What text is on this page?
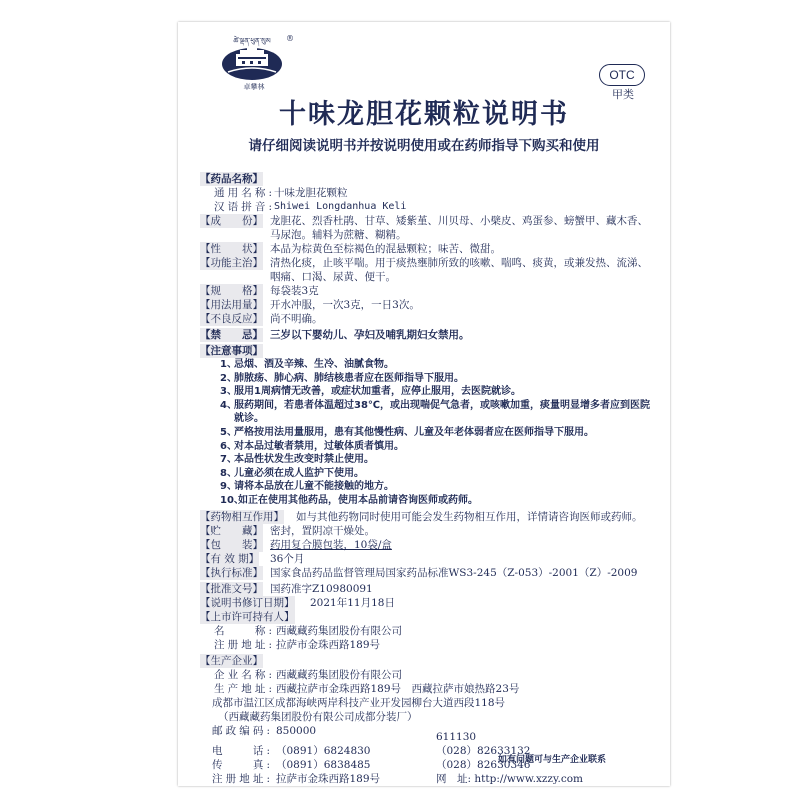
ཚེ་ལྡན་ཕུན་སུམ
卓攀林
®
OTC
甲类
十味龙胆花颗粒说明书
请仔细阅读说明书并按说明使用或在药师指导下购买和使用
【药品名称】
通用名称: 十味龙胆花颗粒
汉语拼音: Shiwei Longdanhua Keli
【成　　份】 龙胆花、烈香杜鹃、甘草、矮紫堇、川贝母、小檗皮、鸡蛋参、螃蟹甲、藏木香、马尿泡。辅料为蔗糖、糊精。
【性　　状】 本品为棕黄色至棕褐色的混悬颗粒；味苦、微甜。
【功能主治】 清热化痰，止咳平喘。用于痰热壅肺所致的咳嗽、喘鸣、痰黄，或兼发热、流涕、咽痛、口渴、尿黄、便干。
【规　　格】 每袋装3克
【用法用量】 开水冲服，一次3克，一日3次。
【不良反应】 尚不明确。
【禁　　忌】 三岁以下婴幼儿、孕妇及哺乳期妇女禁用。
【注意事项】
1、
忌烟、酒及辛辣、生冷、油腻食物。
2、
肺脓疡、肺心病、肺结核患者应在医师指导下服用。
3、
服用1周病情无改善，或症状加重者，应停止服用，去医院就诊。
4、
服药期间，若患者体温超过38℃，或出现喘促气急者，或咳嗽加重，痰量明显增多者应到医院就诊。
5、
严格按用法用量服用，患有其他慢性病、儿童及年老体弱者应在医师指导下服用。
6、
对本品过敏者禁用，过敏体质者慎用。
7、
本品性状发生改变时禁止使用。
8、
儿童必须在成人监护下使用。
9、
请将本品放在儿童不能接触的地方。
10、
如正在使用其他药品，使用本品前请咨询医师或药师。
【药物相互作用】 如与其他药物同时使用可能会发生药物相互作用，详情请咨询医师或药师。
【贮　　藏】 密封，置阴凉干燥处。
【包　　装】 药用复合膜包装，10袋/盒
【有 效 期】 36个月
【执行标准】 国家食品药品监督管理局国家药品标准WS3-245（Z-053）-2001（Z）-2009
【批准文号】 国药准字Z10980091
【说明书修订日期】 2021年11月18日
【上市许可持有人】
名　　称: 西藏藏药集团股份有限公司
注册地址: 拉萨市金珠西路189号
【生产企业】
企业名称: 西藏藏药集团股份有限公司
生产地址: 西藏拉萨市金珠西路189号　西藏拉萨市娘热路23号
成都市温江区成都海峡两岸科技产业开发园柳台大道西段118号
（西藏藏药集团股份有限公司成都分装厂）
邮政编码: 850000	611130
电　　话: （0891）6824830	（028）82633132
传　　真: （0891）6838485	（028）82630346
注册地址: 拉萨市金珠西路189号	网　址: http://www.xzzy.com
如有问题可与生产企业联系
